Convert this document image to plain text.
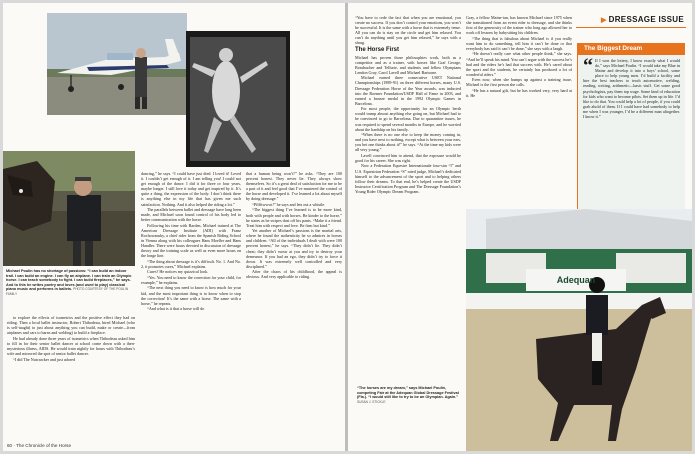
Michael Poulin has no shortage of passions: “I can build an indoor trail. I can build an engine. I can fly an airplane. I can train an Olympic horse. I can teach somebody to fight. I can build fireplaces,” he says. And to this he writes poetry and loves (and used to play) classical piano music and performs in ballets. PHOTO COURTESY OF THE POULIN FAMILY

to explore the effects of isometrics and the positive effect they had on riding. Then a local ballet instructor, Robert Thibodeau, hired Michael (who is self-taught) to just about anything you can build, make or create—from airplanes and cars to barns and welding) to build a fireplace.

He had already done three years of isometrics when Thibodeau asked him to fill in for their senior ballet dancer at school come down with a then-mysterious illness, AIDS. He would train nightly for hours with Thibodeau’s wife and mirrored the spot of senior ballet dancer.

“I did The Nutcracker and just adored

dancing,” he says. “I could have just died. I loved it! Loved it. I couldn’t get enough of it. I am telling you! I could not get enough of the dance. I did it for three or four years, maybe longer. I still love it today and get inspired by it. It’s quite a thing, the expression of the body. I don’t think there is anything else in my life that has given me such satisfaction. Nothing. And it also helped the riding a lot.”

The parallels between ballet and dressage have long been made, and Michael soon found control of his body led to better communication with the horse.

Following his time with Barden, Michael trained at The American Dressage Institute (ADI) with Franz Rochowansky, a chief rider from the Spanish Riding School in Vienna along with his colleagues Hans Moeller and Hans Handler. There were hours devoted to discussion of dressage theory and the training scale as well as even more hours on the longe line.

“The thing about dressage is it’s difficult. No. 1. And No. 2, it promotes cures,” Michael explains.

Cures? He notices my quizzical look.

“Yes. You need to know the correction for your child, for example,” he explains.

“The next thing you need to know is how much for your kid, and the most important thing is to know when to stop the correction! It’s the same with a horse. The same with a horse,” he repeats.

“And what is it that a horse will do

that a human being won’t?” he asks. “They are 100 percent honest. They never lie. They always show themselves. So it’s a great deal of satisfaction for me to be a part of it and feel good that I’ve mastered the control of the horse and developed it. I’ve learned a lot about myself by doing dressage.”

“Pfffftwwwt!” he says and lets out a whistle.

“The biggest thing I’ve learned is to be more kind, both with people and with horses. Be kinder to the horse,” he states as he swipes dust off his pants. “Make it a friend. Treat him with respect and love. Be firm but kind.”

Yet another of Michael’s passions is the martial arts, where he found the authenticity he so admires in horses and children. “All of the individuals I dealt with were 100 percent honest,” he says. “They didn’t lie. They didn’t cheat; they didn’t swear at you and try to destroy your demeanor. If you had an ego, they didn’t try to force it down. It was extremely well controlled and very disciplined.”

After the chaos of his childhood, the appeal is obvious. And very applicable to riding.

60 · The Chronicle of the Horse
▶ DRESSAGE ISSUE

“You have to cede the fact that when you are emotional, you create no success. If you don’t control your emotions, you won’t be successful. It is the same with a horse that is extremely tense. All you can do is stay on the circle and get him relaxed. You can’t do anything until you get him relaxed,” he says with a shrug.

The Horse First

Michael has proven those philosophies work, both as a competitor and as a trainer, with horses like Graf George, Bondsucher and Tellurie, and students and fellow Olympians Lendon Gray, Carol Lavell and Michael Barisone.

Michael earned three consecutive USET National Championships (1989-91) on three different horses, many U.S. Dressage Federation Horse of the Year awards, was inducted into the Roemer Foundation/USDF Hall of Fame in 2003, and earned a bronze medal in the 1992 Olympic Games in Barcelona.

For most people, the opportunity for an Olympic berth would trump almost anything else going on, but Michael had to be convinced to go to Barcelona. Due to quarantine issues, he was required to spend several months in Europe, and he worried about the hardship on his family.

“When there is no one else to keep the money coming in, and you have next to nothing, except what is between your ears, you bet one thinks about it!” he says. “At the time my kids were all very young.”

Lavell convinced him to attend, that the exposure would be good for his career. She was right.

Now a Federation Equestre Internationale four-star “I” and U.S. Equestrian Federation “S” rated judge, Michael’s dedicated himself to the advancement of the sport and to helping others follow their dreams. To that end, he’s helped create the USDF Instructor Certification Program and The Dressage Foundation’s Young Rider Olympic Dream Program.

Gray, a fellow Maine-ian, has known Michael since 1975 when she transitioned from an event rider to dressage, and she thinks first of the generosity of the trainer who long ago allowed her to work off lessons by babysitting his children.

“The thing that is fabulous about Michael is if you really want him to do something, tell him it can’t be done or that everybody has said it can’t be done,” she says with a laugh.

“He doesn’t really care what other people think,” she says. “And he’ll speak his mind. You can’t argue with the success he’s had and the riders he’s had that success with. He’s cared about the sport and the students, he certainly has produced a lot of wonderful riders.”

Even now, when she bumps up against a training issue, Michael is the first person she calls.

“He has a natural gift, but he has worked very, very hard at it. He

The Biggest Dream
“ If I won the lottery, I know exactly what I would do,” says Michael Poulin. “I would take my Blue in Maine and develop it into a boys’ school, some place to help young men. I’d build a facility and hire the best teachers to teach automotive, welding, reading, writing, arithmetic—basic stuff. Get some good psychologists, pay them top wage. Some kind of education for kids who want to become pilots. Set them up in life. I’d like to do that. You could help a lot of people, if you could grab ahold of them. If I could have had somebody to help me when I was younger, I’d be a different man altogether. I know it.”
Adequan
“The horses are my dream,” says Michael Poulin, competing Fair at the Adequan Global Dressage Festival (Fla.). “I would still like to try to be an Olympian. Again.” SUSAN J. STICKLE
